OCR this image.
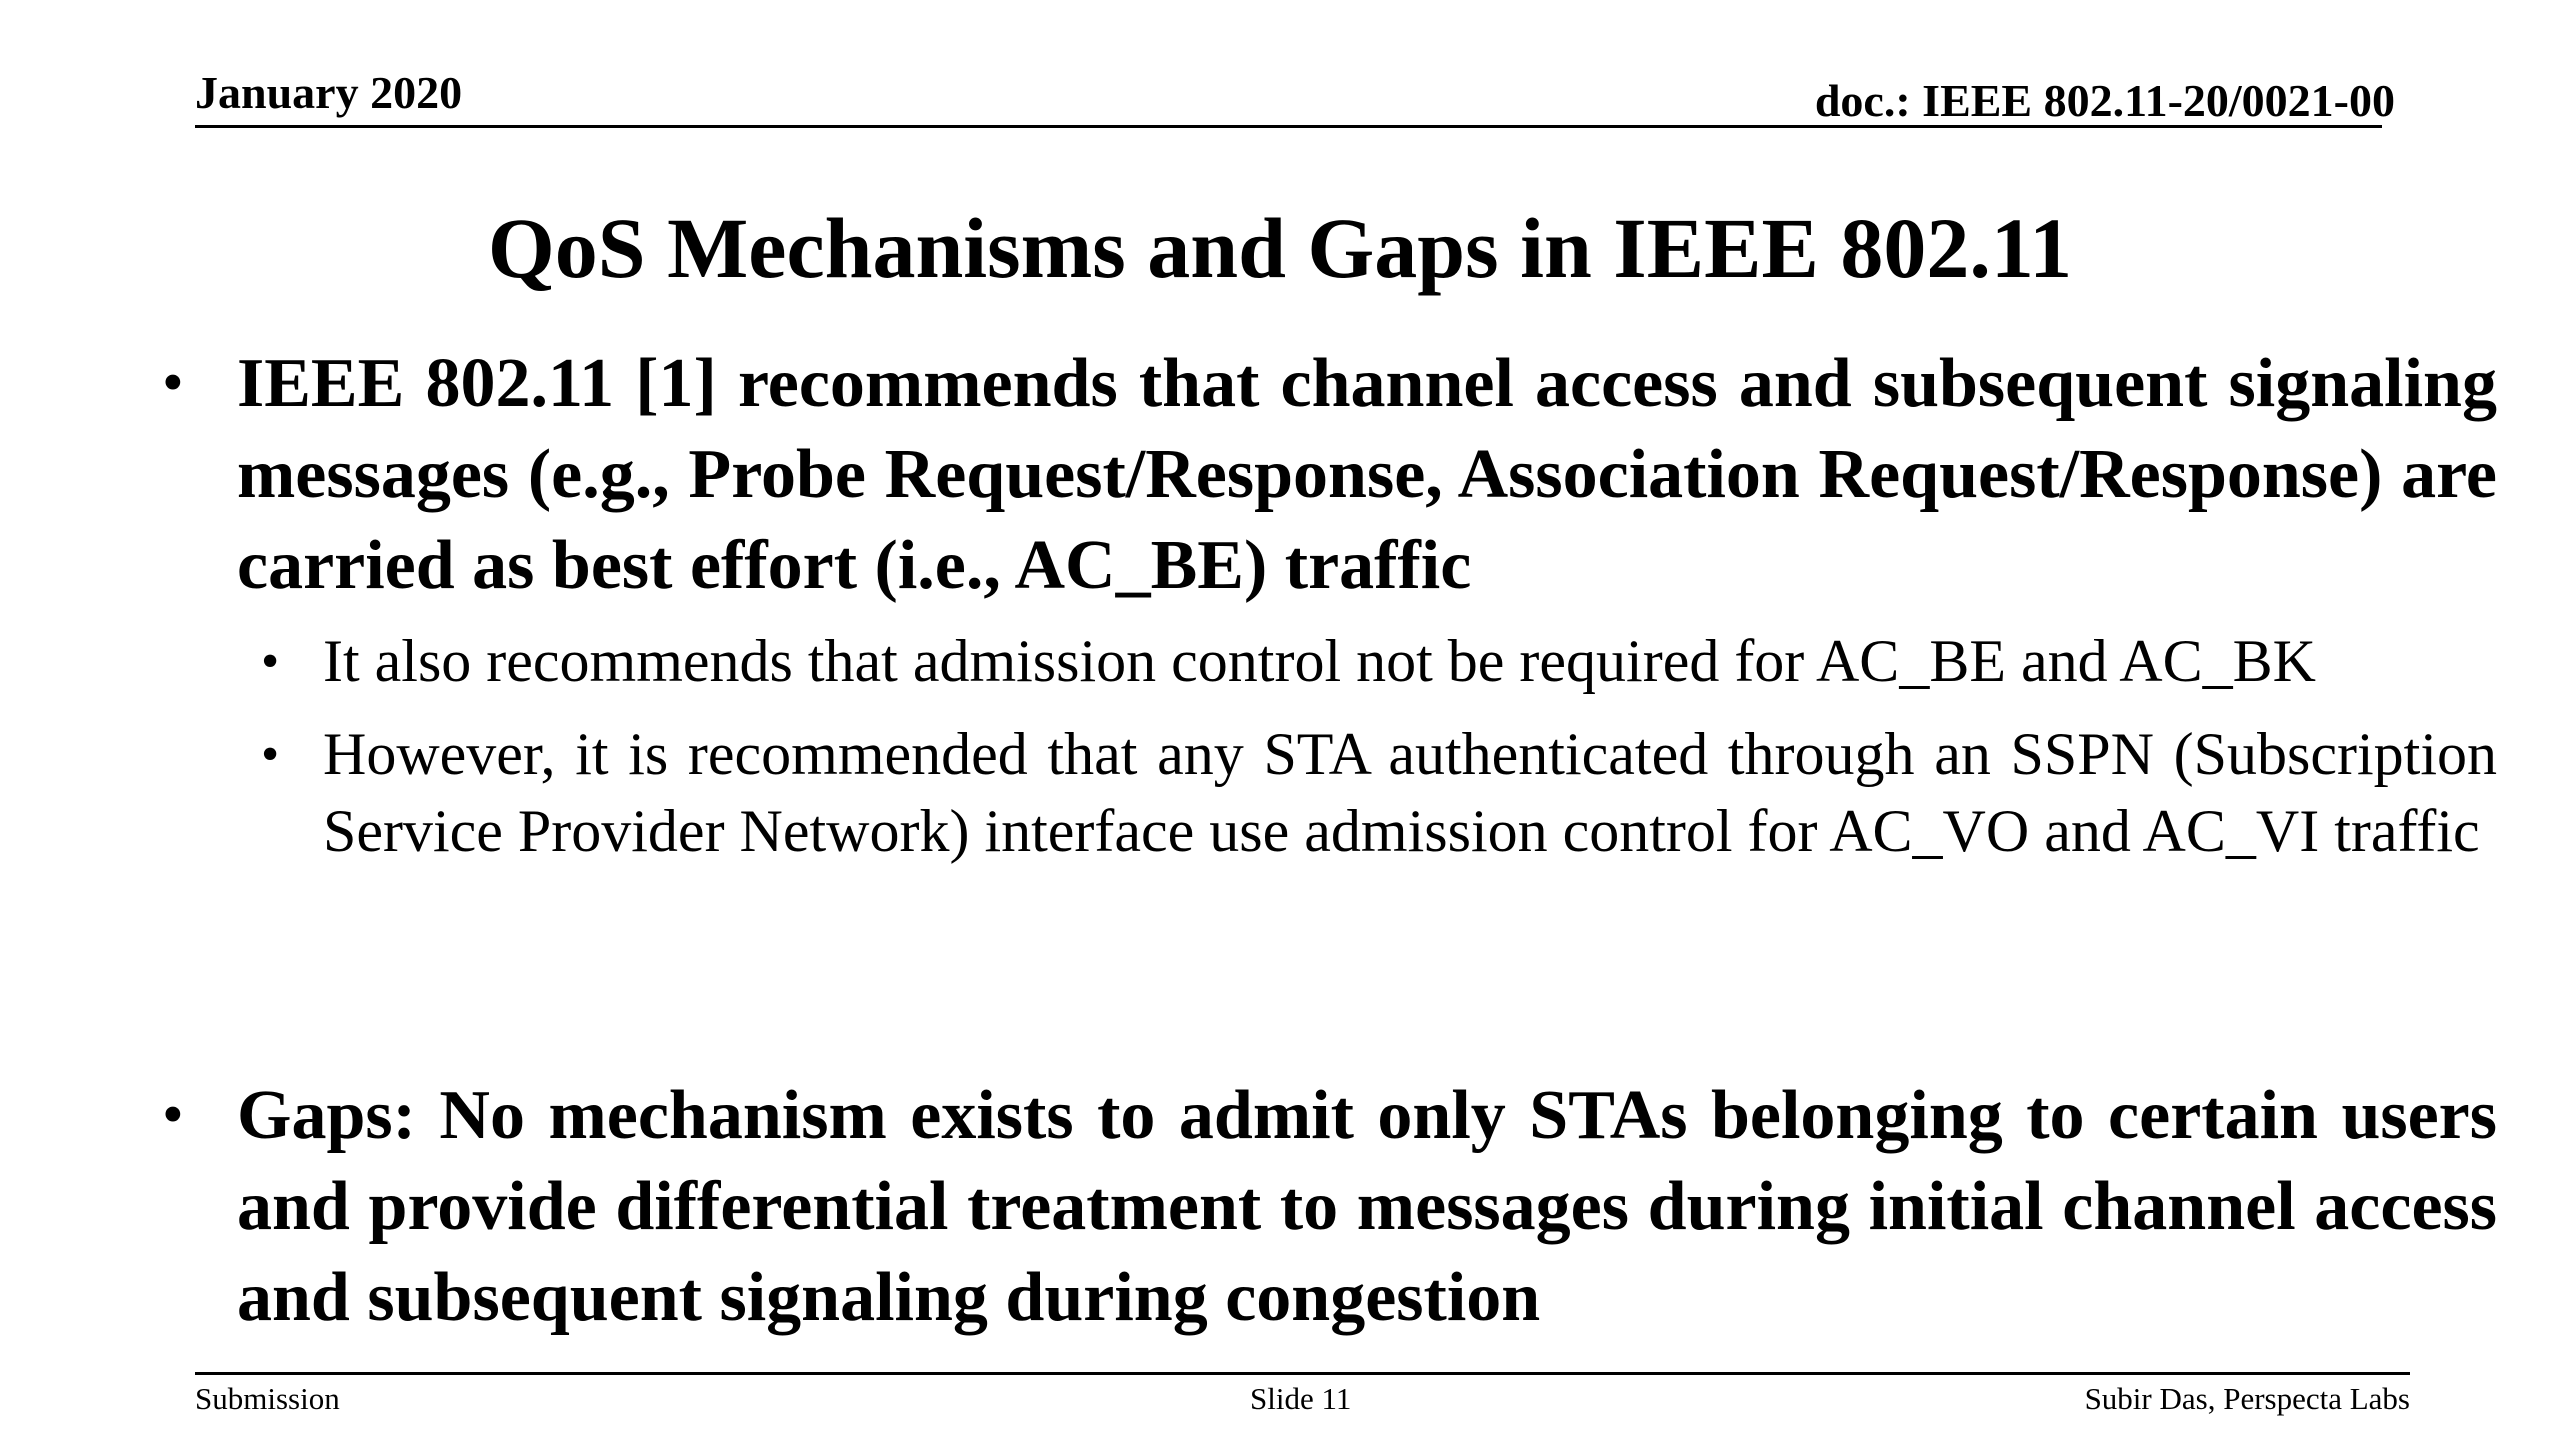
January 2020	doc.: IEEE 802.11-20/0021-00
QoS Mechanisms and Gaps in IEEE 802.11
• IEEE 802.11 [1] recommends that channel access and subsequent signaling messages (e.g., Probe Request/Response, Association Request/Response) are carried as best effort (i.e., AC_BE) traffic
• It also recommends that admission control not be required for AC_BE and AC_BK
• However, it is recommended that any STA authenticated through an SSPN (Subscription Service Provider Network) interface use admission control for AC_VO and AC_VI traffic
• Gaps: No mechanism exists to admit only STAs belonging to certain users and provide differential treatment to messages during initial channel access and subsequent signaling during congestion
Submission	Slide 11	Subir Das, Perspecta Labs
